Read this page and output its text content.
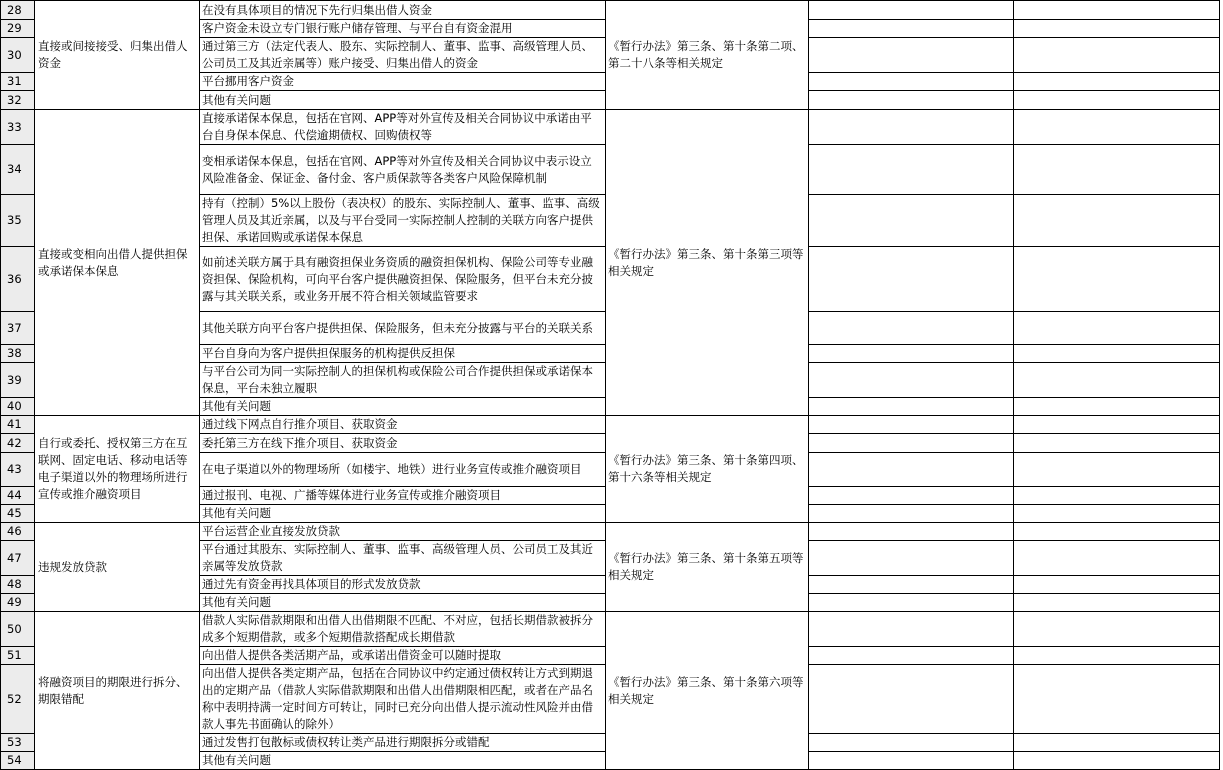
28	直接或间接接受、归集出借人资金	在没有具体项目的情况下先行归集出借人资金	《暂行办法》第三条、第十条第二项、第二十八条等相关规定		
29		客户资金未设立专门银行账户储存管理、与平台自有资金混用			
30		通过第三方（法定代表人、股东、实际控制人、董事、监事、高级管理人员、公司员工及其近亲属等）账户接受、归集出借人的资金			
31		平台挪用客户资金			
32		其他有关问题			
33	直接或变相向出借人提供担保或承诺保本保息	直接承诺保本保息，包括在官网、APP等对外宣传及相关合同协议中承诺由平台自身保本保息、代偿逾期债权、回购债权等	《暂行办法》第三条、第十条第三项等相关规定		
34		变相承诺保本保息，包括在官网、APP等对外宣传及相关合同协议中表示设立风险准备金、保证金、备付金、客户质保款等各类客户风险保障机制			
35		持有（控制）5%以上股份（表决权）的股东、实际控制人、董事、监事、高级管理人员及其近亲属，以及与平台受同一实际控制人控制的关联方向客户提供担保、承诺回购或承诺保本保息			
36		如前述关联方属于具有融资担保业务资质的融资担保机构、保险公司等专业融资担保、保险机构，可向平台客户提供融资担保、保险服务，但平台未充分披露与其关联关系，或业务开展不符合相关领域监管要求			
37		其他关联方向平台客户提供担保、保险服务，但未充分披露与平台的关联关系			
38		平台自身向为客户提供担保服务的机构提供反担保			
39		与平台公司为同一实际控制人的担保机构或保险公司合作提供担保或承诺保本保息，平台未独立履职			
40		其他有关问题			
41	自行或委托、授权第三方在互联网、固定电话、移动电话等电子渠道以外的物理场所进行宣传或推介融资项目	通过线下网点自行推介项目、获取资金	《暂行办法》第三条、第十条第四项、第十六条等相关规定		
42		委托第三方在线下推介项目、获取资金			
43		在电子渠道以外的物理场所（如楼宇、地铁）进行业务宣传或推介融资项目			
44		通过报刊、电视、广播等媒体进行业务宣传或推介融资项目			
45		其他有关问题			
46	违规发放贷款	平台运营企业直接发放贷款	《暂行办法》第三条、第十条第五项等相关规定		
47		平台通过其股东、实际控制人、董事、监事、高级管理人员、公司员工及其近亲属等发放贷款			
48		通过先有资金再找具体项目的形式发放贷款			
49		其他有关问题			
50	将融资项目的期限进行拆分、期限错配	借款人实际借款期限和出借人出借期限不匹配、不对应，包括长期借款被拆分成多个短期借款，或多个短期借款搭配成长期借款	《暂行办法》第三条、第十条第六项等相关规定		
51		向出借人提供各类活期产品，或承诺出借资金可以随时提取			
52		向出借人提供各类定期产品，包括在合同协议中约定通过债权转让方式到期退出的定期产品（借款人实际借款期限和出借人出借期限相匹配，或者在产品名称中表明持满一定时间方可转让，同时已充分向出借人提示流动性风险并由借款人事先书面确认的除外）			
53		通过发售打包散标或债权转让类产品进行期限拆分或错配			
54		其他有关问题			
